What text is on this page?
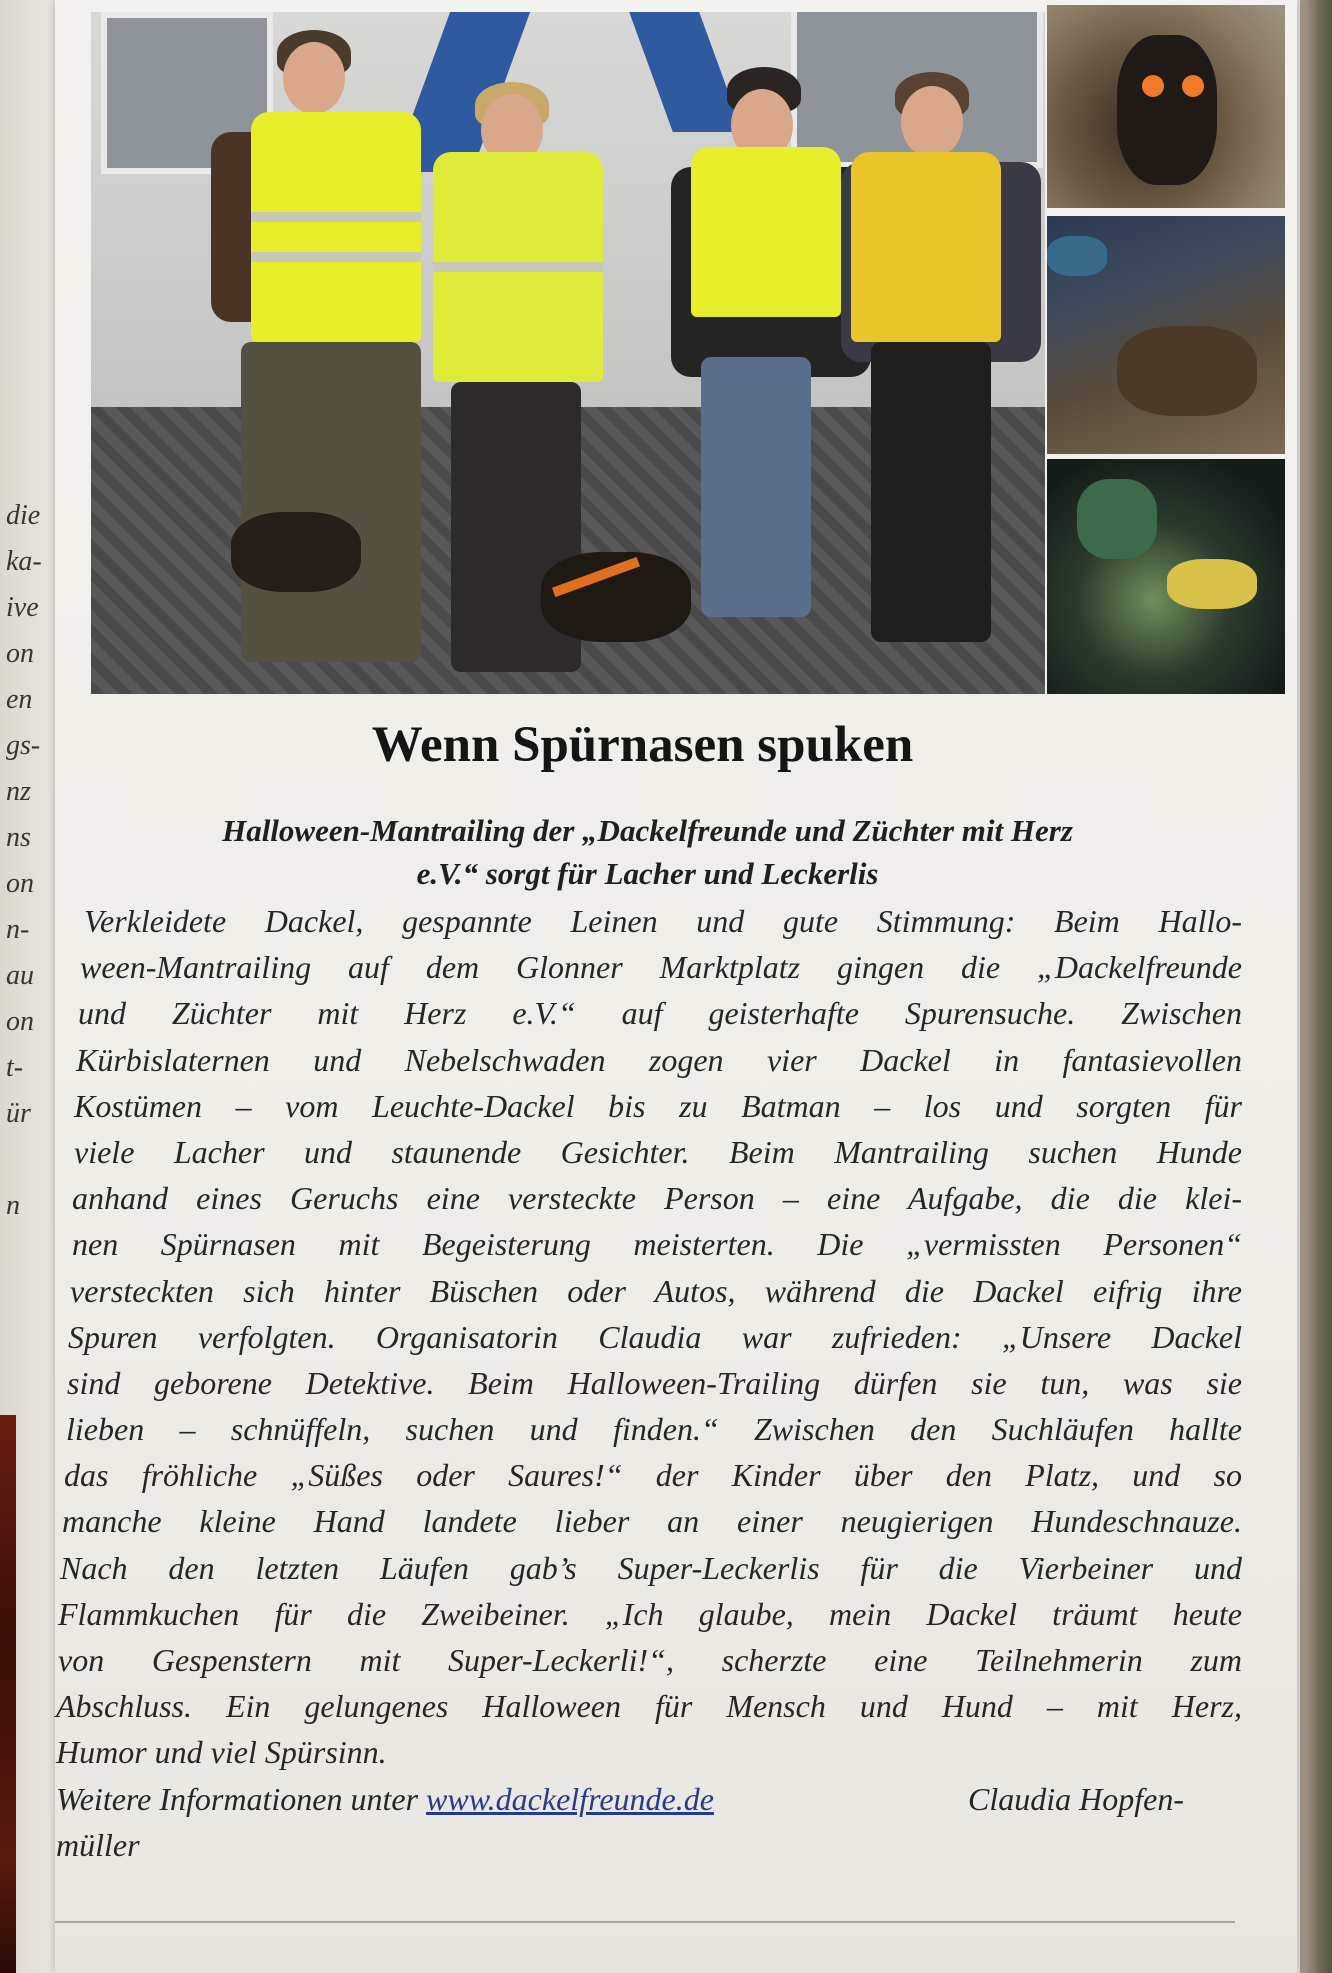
die
ka-
ive
on
en
gs-
nz
ns
on
n-
au
on
t-
ür
n
Wenn Spürnasen spuken
Halloween-Mantrailing der „Dackelfreunde und Züchter mit Herz
e.V.“ sorgt für Lacher und Leckerlis
Verkleidete Dackel, gespannte Leinen und gute Stimmung: Beim Hallo-
ween-Mantrailing auf dem Glonner Marktplatz gingen die „Dackelfreunde
und Züchter mit Herz e.V.“ auf geisterhafte Spurensuche. Zwischen
Kürbislaternen und Nebelschwaden zogen vier Dackel in fantasievollen
Kostümen – vom Leuchte-Dackel bis zu Batman – los und sorgten für
viele Lacher und staunende Gesichter. Beim Mantrailing suchen Hunde
anhand eines Geruchs eine versteckte Person – eine Aufgabe, die die klei-
nen Spürnasen mit Begeisterung meisterten. Die „vermissten Personen“
versteckten sich hinter Büschen oder Autos, während die Dackel eifrig ihre
Spuren verfolgten. Organisatorin Claudia war zufrieden: „Unsere Dackel
sind geborene Detektive. Beim Halloween-Trailing dürfen sie tun, was sie
lieben – schnüffeln, suchen und finden.“ Zwischen den Suchläufen hallte
das fröhliche „Süßes oder Saures!“ der Kinder über den Platz, und so
manche kleine Hand landete lieber an einer neugierigen Hundeschnauze.
Nach den letzten Läufen gab’s Super-Leckerlis für die Vierbeiner und
Flammkuchen für die Zweibeiner. „Ich glaube, mein Dackel träumt heute
von Gespenstern mit Super-Leckerli!“, scherzte eine Teilnehmerin zum
Abschluss. Ein gelungenes Halloween für Mensch und Hund – mit Herz,
Humor und viel Spürsinn.
Weitere Informationen unter www.dackelfreunde.de	Claudia Hopfen-
müller
